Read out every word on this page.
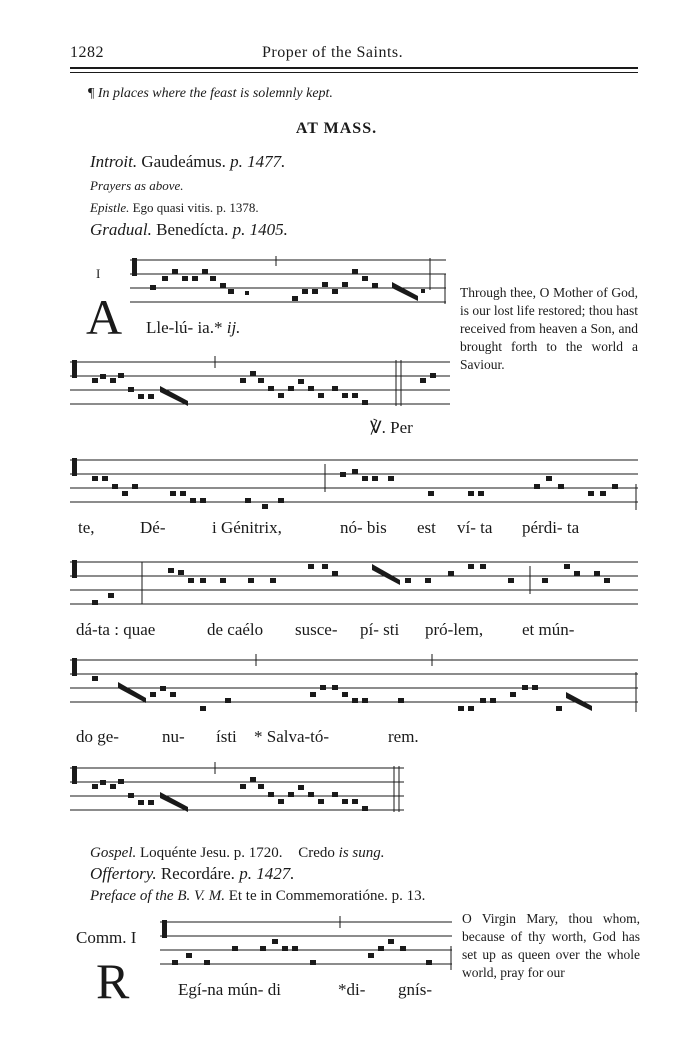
1282	Proper of the Saints.
¶ In places where the feast is solemnly kept.
AT MASS.
Introit. Gaudeámus. p. 1477.
Prayers as above.
Epistle. Ego quasi vitis. p. 1378.
Gradual. Benedícta. p. 1405.
I
A Lle-lú- ia.* ij.
Through thee, O Mother of God, is our lost life restored; thou hast received from heaven a Son, and brought forth to the world a Saviour.
℣. Per
te,	Dé-	i Génitrix,	nó- bis est ví- ta pérdi- ta
dá-ta : quae	de caélo susce- pí- sti pró-lem, et mún-
do ge-	nu- ísti * Salva-tó-	rem.
Gospel. Loquénte Jesu. p. 1720. Credo is sung.
Offertory. Recordáre. p. 1427.
Preface of the B. V. M. Et te in Commemoratióne. p. 13.
Comm. I
R	Egí-na mún- di	*di- gnís-
O Virgin Mary, thou whom, because of thy worth, God has set up as queen over the whole world, pray for our
